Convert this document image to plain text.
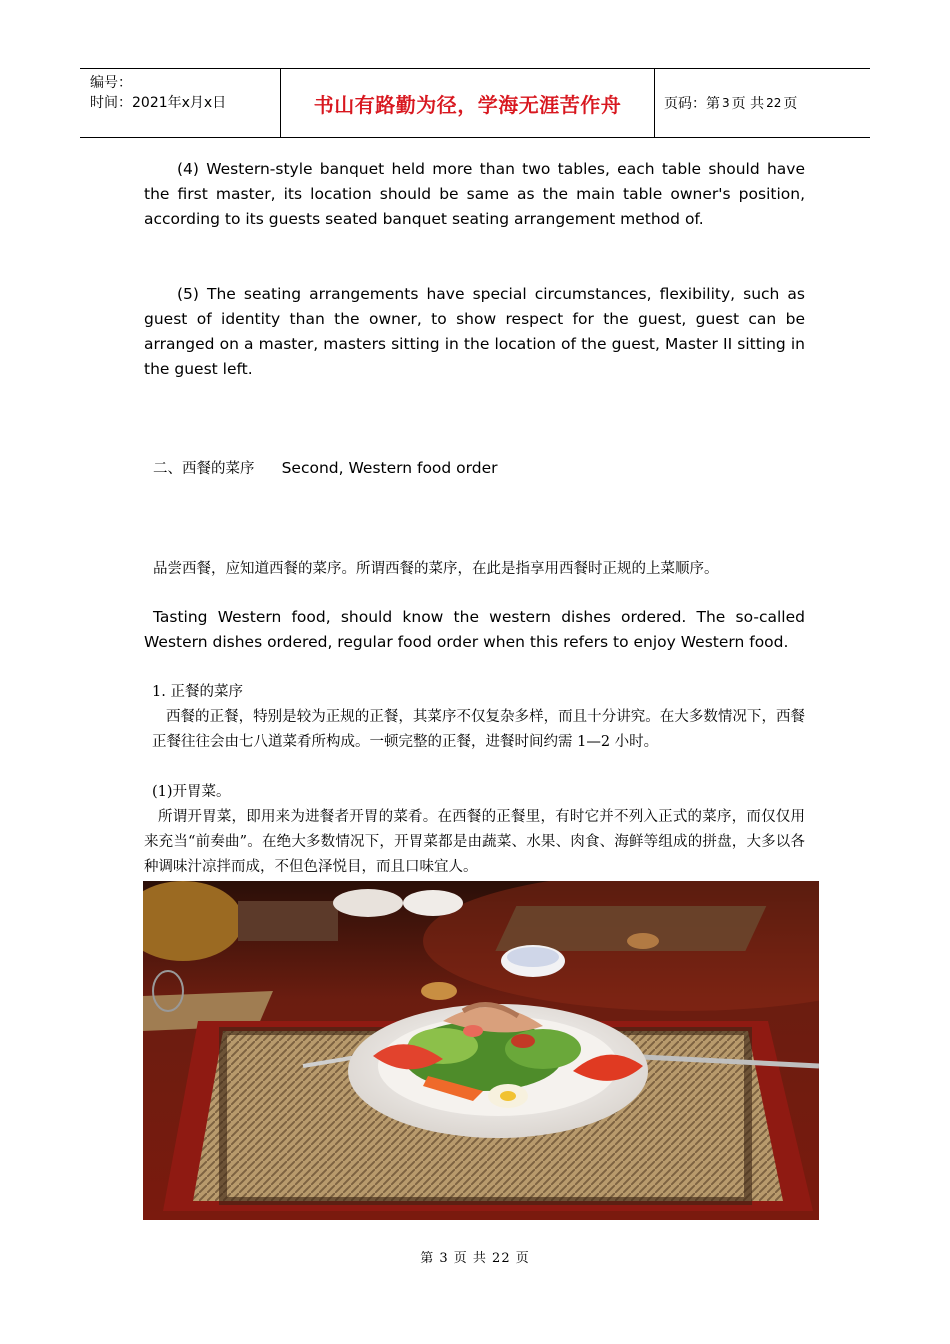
编号：
时间：2021年x月x日	书山有路勤为径，学海无涯苦作舟	页码：第 3 页 共 22 页
(4) Western-style banquet held more than two tables, each table should have the first master, its location should be same as the main table owner's position, according to its guests seated banquet seating arrangement method of.
(5) The seating arrangements have special circumstances, flexibility, such as guest of identity than the owner, to show respect for the guest, guest can be arranged on a master, masters sitting in the location of the guest, Master II sitting in the guest left.
二、西餐的菜序 Second, Western food order
品尝西餐，应知道西餐的菜序。所谓西餐的菜序，在此是指享用西餐时正规的上菜顺序。
Tasting Western food, should know the western dishes ordered. The so-called Western dishes ordered, regular food order when this refers to enjoy Western food.
1. 正餐的菜序
西餐的正餐，特别是较为正规的正餐，其菜序不仅复杂多样，而且十分讲究。在大多数情况下，西餐正餐往往会由七八道菜肴所构成。一顿完整的正餐，进餐时间约需 1—2 小时。
(1)开胃菜。
所谓开胃菜，即用来为进餐者开胃的菜肴。在西餐的正餐里，有时它并不列入正式的菜序，而仅仅用来充当“前奏曲”。在绝大多数情况下，开胃菜都是由蔬菜、水果、肉食、海鲜等组成的拼盘，大多以各种调味汁凉拌而成，不但色泽悦目，而且口味宜人。
第 3 页 共 22 页
